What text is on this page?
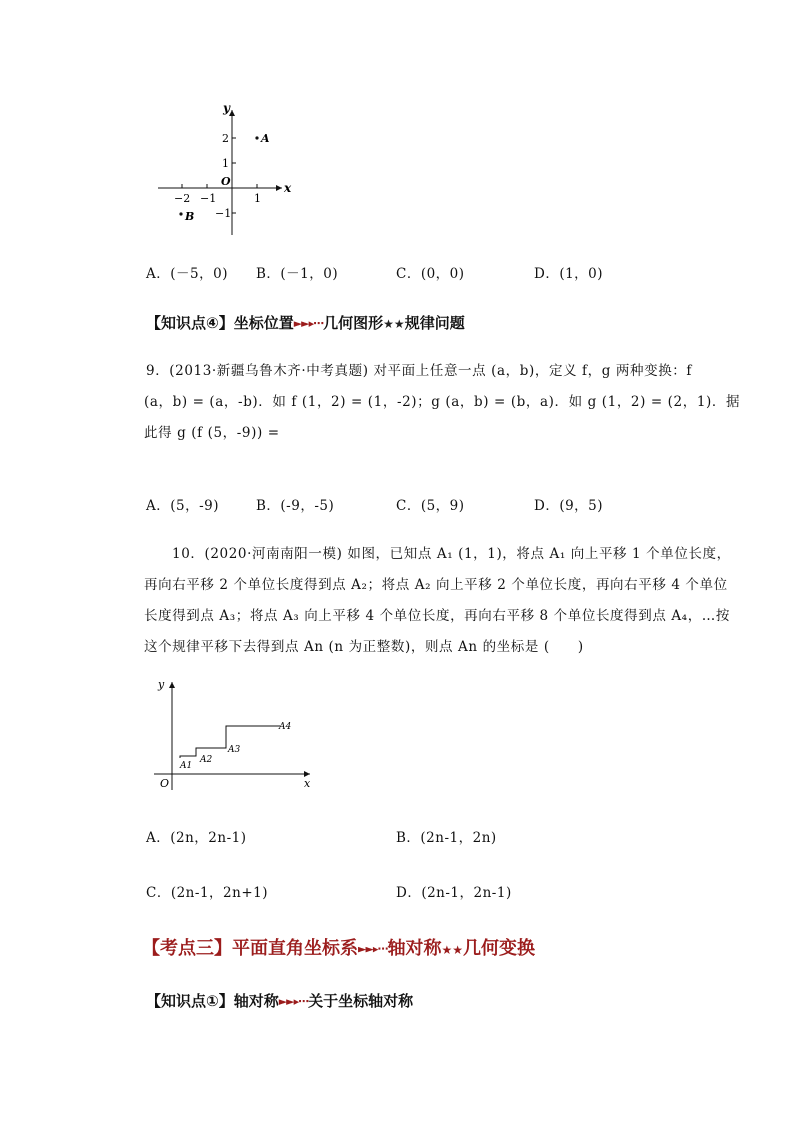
y
x
O
2
1
−1
−2 −1	1
A
B
A．(－5，0) B．(－1，0)	C．(0，0)	D．(1，0)
【知识点④】坐标位置►►▸⋯几何图形★★规律问题

9．(2013·新疆乌鲁木齐·中考真题) 对平面上任意一点 (a，b)，定义 f，g 两种变换：f

(a，b) = (a，-b)．如 f (1，2) = (1，-2)；g (a，b) = (b，a)．如 g (1，2) = (2，1)．据

此得 g (f (5，-9)) =

A．(5，-9)	B．(-9，-5)	C．(5，9)	D．(9，5)

10．(2020·河南南阳一模) 如图，已知点 A₁ (1，1)，将点 A₁ 向上平移 1 个单位长度，

再向右平移 2 个单位长度得到点 A₂；将点 A₂ 向上平移 2 个单位长度，再向右平移 4 个单位

长度得到点 A₃；将点 A₃ 向上平移 4 个单位长度，再向右平移 8 个单位长度得到点 A₄，…按

这个规律平移下去得到点 An (n 为正整数)，则点 An 的坐标是 (　　)

y
x
O
A1
A2
A3
A4
A．(2n，2n-1)	B．(2n-1，2n)
C．(2n-1，2n+1)	D．(2n-1，2n-1)
【考点三】平面直角坐标系►►▸⋯轴对称★★几何变换
【知识点①】轴对称►►▸⋯关于坐标轴对称
